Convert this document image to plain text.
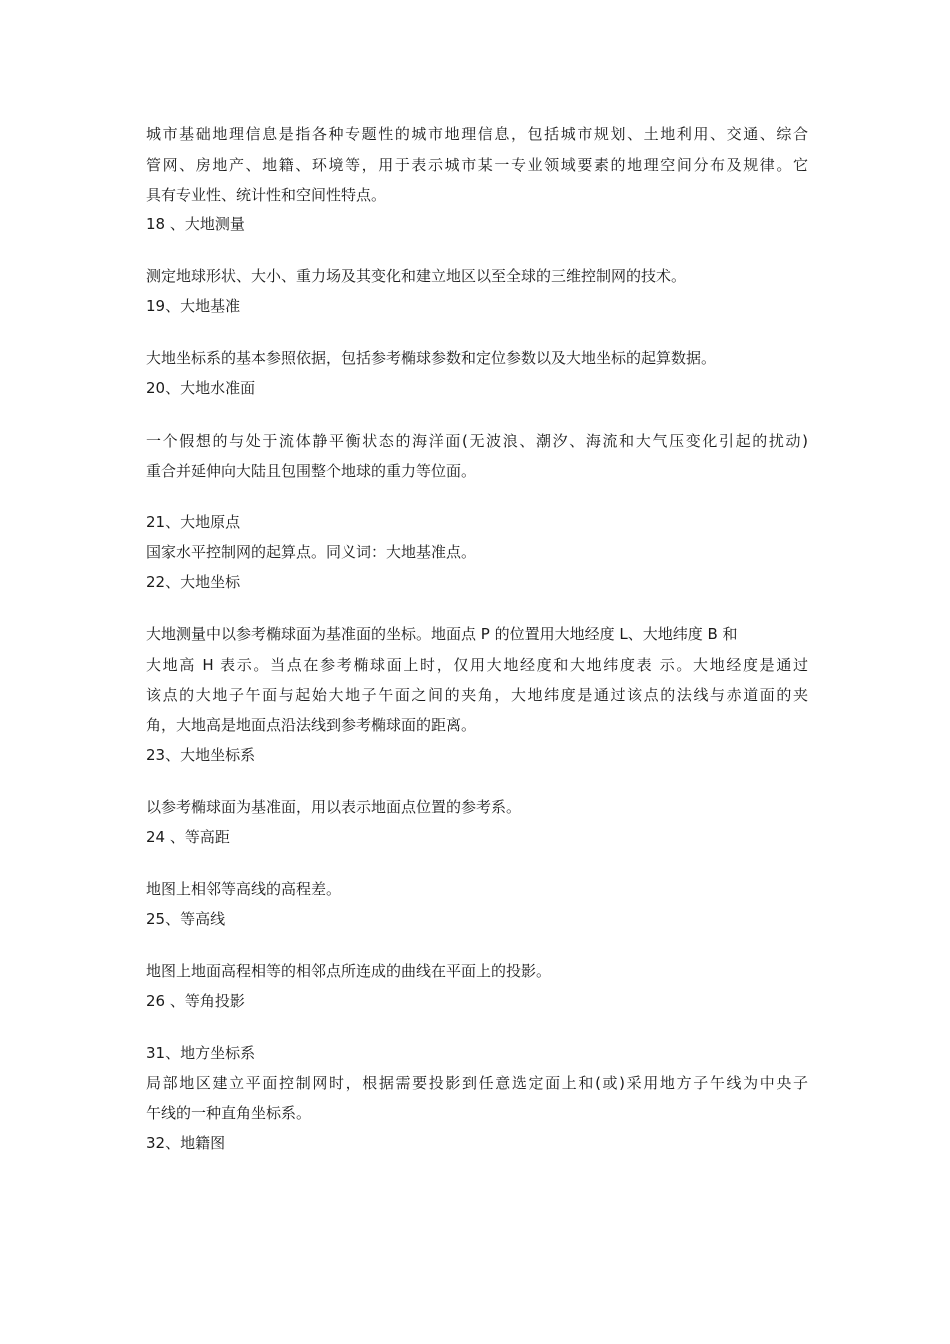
城市基础地理信息是指各种专题性的城市地理信息，包括城市规划、土地利用、交通、综合

管网、房地产、地籍、环境等，用于表示城市某一专业领域要素的地理空间分布及规律。它

具有专业性、统计性和空间性特点。

18 、大地测量

测定地球形状、大小、重力场及其变化和建立地区以至全球的三维控制网的技术。

19、大地基准

大地坐标系的基本参照依据，包括参考椭球参数和定位参数以及大地坐标的起算数据。

20、大地水准面

一个假想的与处于流体静平衡状态的海洋面(无波浪、潮汐、海流和大气压变化引起的扰动)

重合并延伸向大陆且包围整个地球的重力等位面。

21、大地原点

国家水平控制网的起算点。同义词：大地基准点。

22、大地坐标

大地测量中以参考椭球面为基准面的坐标。地面点 P 的位置用大地经度 L、大地纬度 B 和

大地高 H 表示。当点在参考椭球面上时，仅用大地经度和大地纬度表 示。大地经度是通过

该点的大地子午面与起始大地子午面之间的夹角，大地纬度是通过该点的法线与赤道面的夹

角，大地高是地面点沿法线到参考椭球面的距离。

23、大地坐标系

以参考椭球面为基准面，用以表示地面点位置的参考系。

24 、等高距

地图上相邻等高线的高程差。

25、等高线

地图上地面高程相等的相邻点所连成的曲线在平面上的投影。

26 、等角投影

31、地方坐标系

局部地区建立平面控制网时，根据需要投影到任意选定面上和(或)采用地方子午线为中央子

午线的一种直角坐标系。

32、地籍图
